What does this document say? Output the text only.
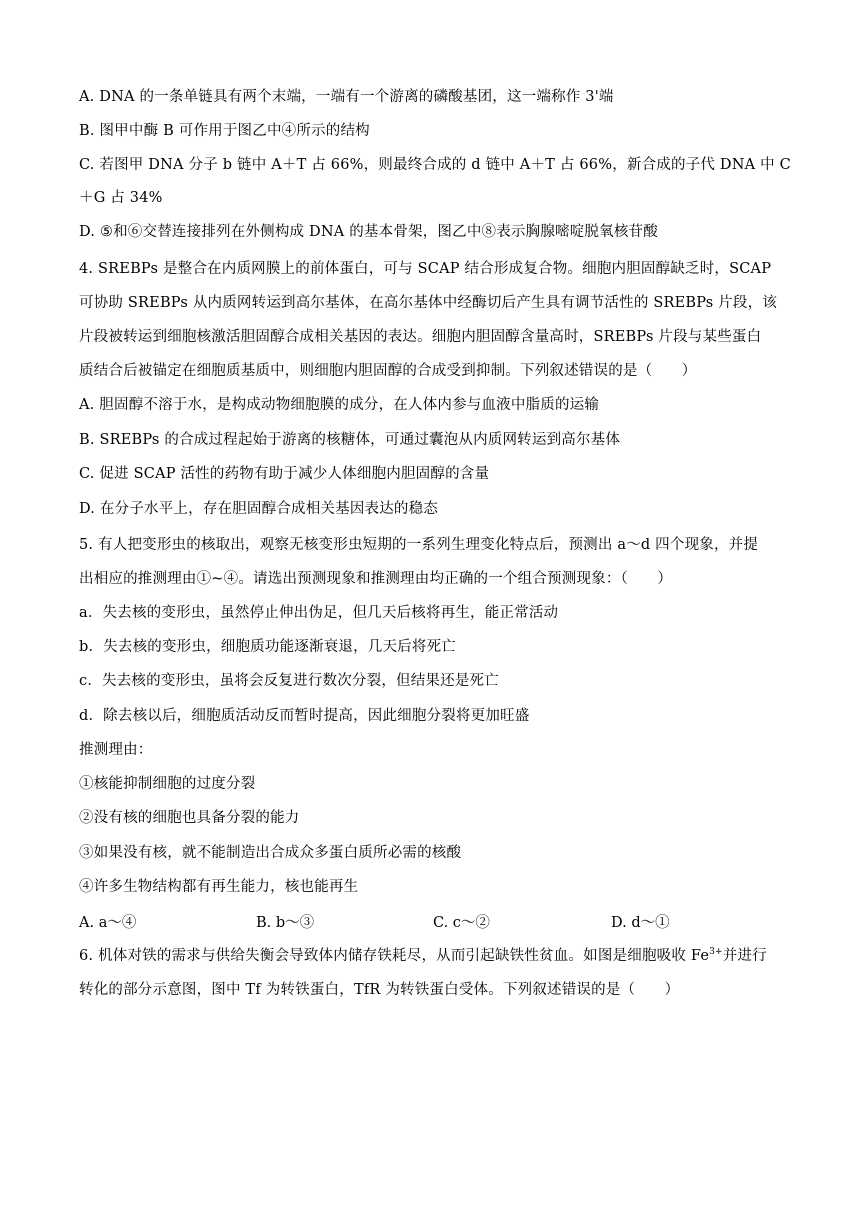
A. DNA 的一条单链具有两个末端，一端有一个游离的磷酸基团，这一端称作 3'端
B. 图甲中酶 B 可作用于图乙中④所示的结构
C. 若图甲 DNA 分子 b 链中 A＋T 占 66%，则最终合成的 d 链中 A＋T 占 66%，新合成的子代 DNA 中 C
＋G 占 34%
D. ⑤和⑥交替连接排列在外侧构成 DNA 的基本骨架，图乙中⑧表示胸腺嘧啶脱氧核苷酸
4. SREBPs 是整合在内质网膜上的前体蛋白，可与 SCAP 结合形成复合物。细胞内胆固醇缺乏时，SCAP
可协助 SREBPs 从内质网转运到高尔基体，在高尔基体中经酶切后产生具有调节活性的 SREBPs 片段，该
片段被转运到细胞核激活胆固醇合成相关基因的表达。细胞内胆固醇含量高时，SREBPs 片段与某些蛋白
质结合后被锚定在细胞质基质中，则细胞内胆固醇的合成受到抑制。下列叙述错误的是（　　）
A. 胆固醇不溶于水，是构成动物细胞膜的成分，在人体内参与血液中脂质的运输
B. SREBPs 的合成过程起始于游离的核糖体，可通过囊泡从内质网转运到高尔基体
C. 促进 SCAP 活性的药物有助于减少人体细胞内胆固醇的含量
D. 在分子水平上，存在胆固醇合成相关基因表达的稳态
5. 有人把变形虫的核取出，观察无核变形虫短期的一系列生理变化特点后，预测出 a～d 四个现象，并提
出相应的推测理由①~④。请选出预测现象和推测理由均正确的一个组合预测现象：（　　）
a．失去核的变形虫，虽然停止伸出伪足，但几天后核将再生，能正常活动
b．失去核的变形虫，细胞质功能逐渐衰退，几天后将死亡
c．失去核的变形虫，虽将会反复进行数次分裂，但结果还是死亡
d．除去核以后，细胞质活动反而暂时提高，因此细胞分裂将更加旺盛
推测理由：
①核能抑制细胞的过度分裂
②没有核的细胞也具备分裂的能力
③如果没有核，就不能制造出合成众多蛋白质所必需的核酸
④许多生物结构都有再生能力，核也能再生
A. a～④	B. b～③	C. c～②	D. d～①
6. 机体对铁的需求与供给失衡会导致体内储存铁耗尽，从而引起缺铁性贫血。如图是细胞吸收 $Fe^{3+}$并进行
转化的部分示意图，图中 Tf 为转铁蛋白，TfR 为转铁蛋白受体。下列叙述错误的是（　　）
